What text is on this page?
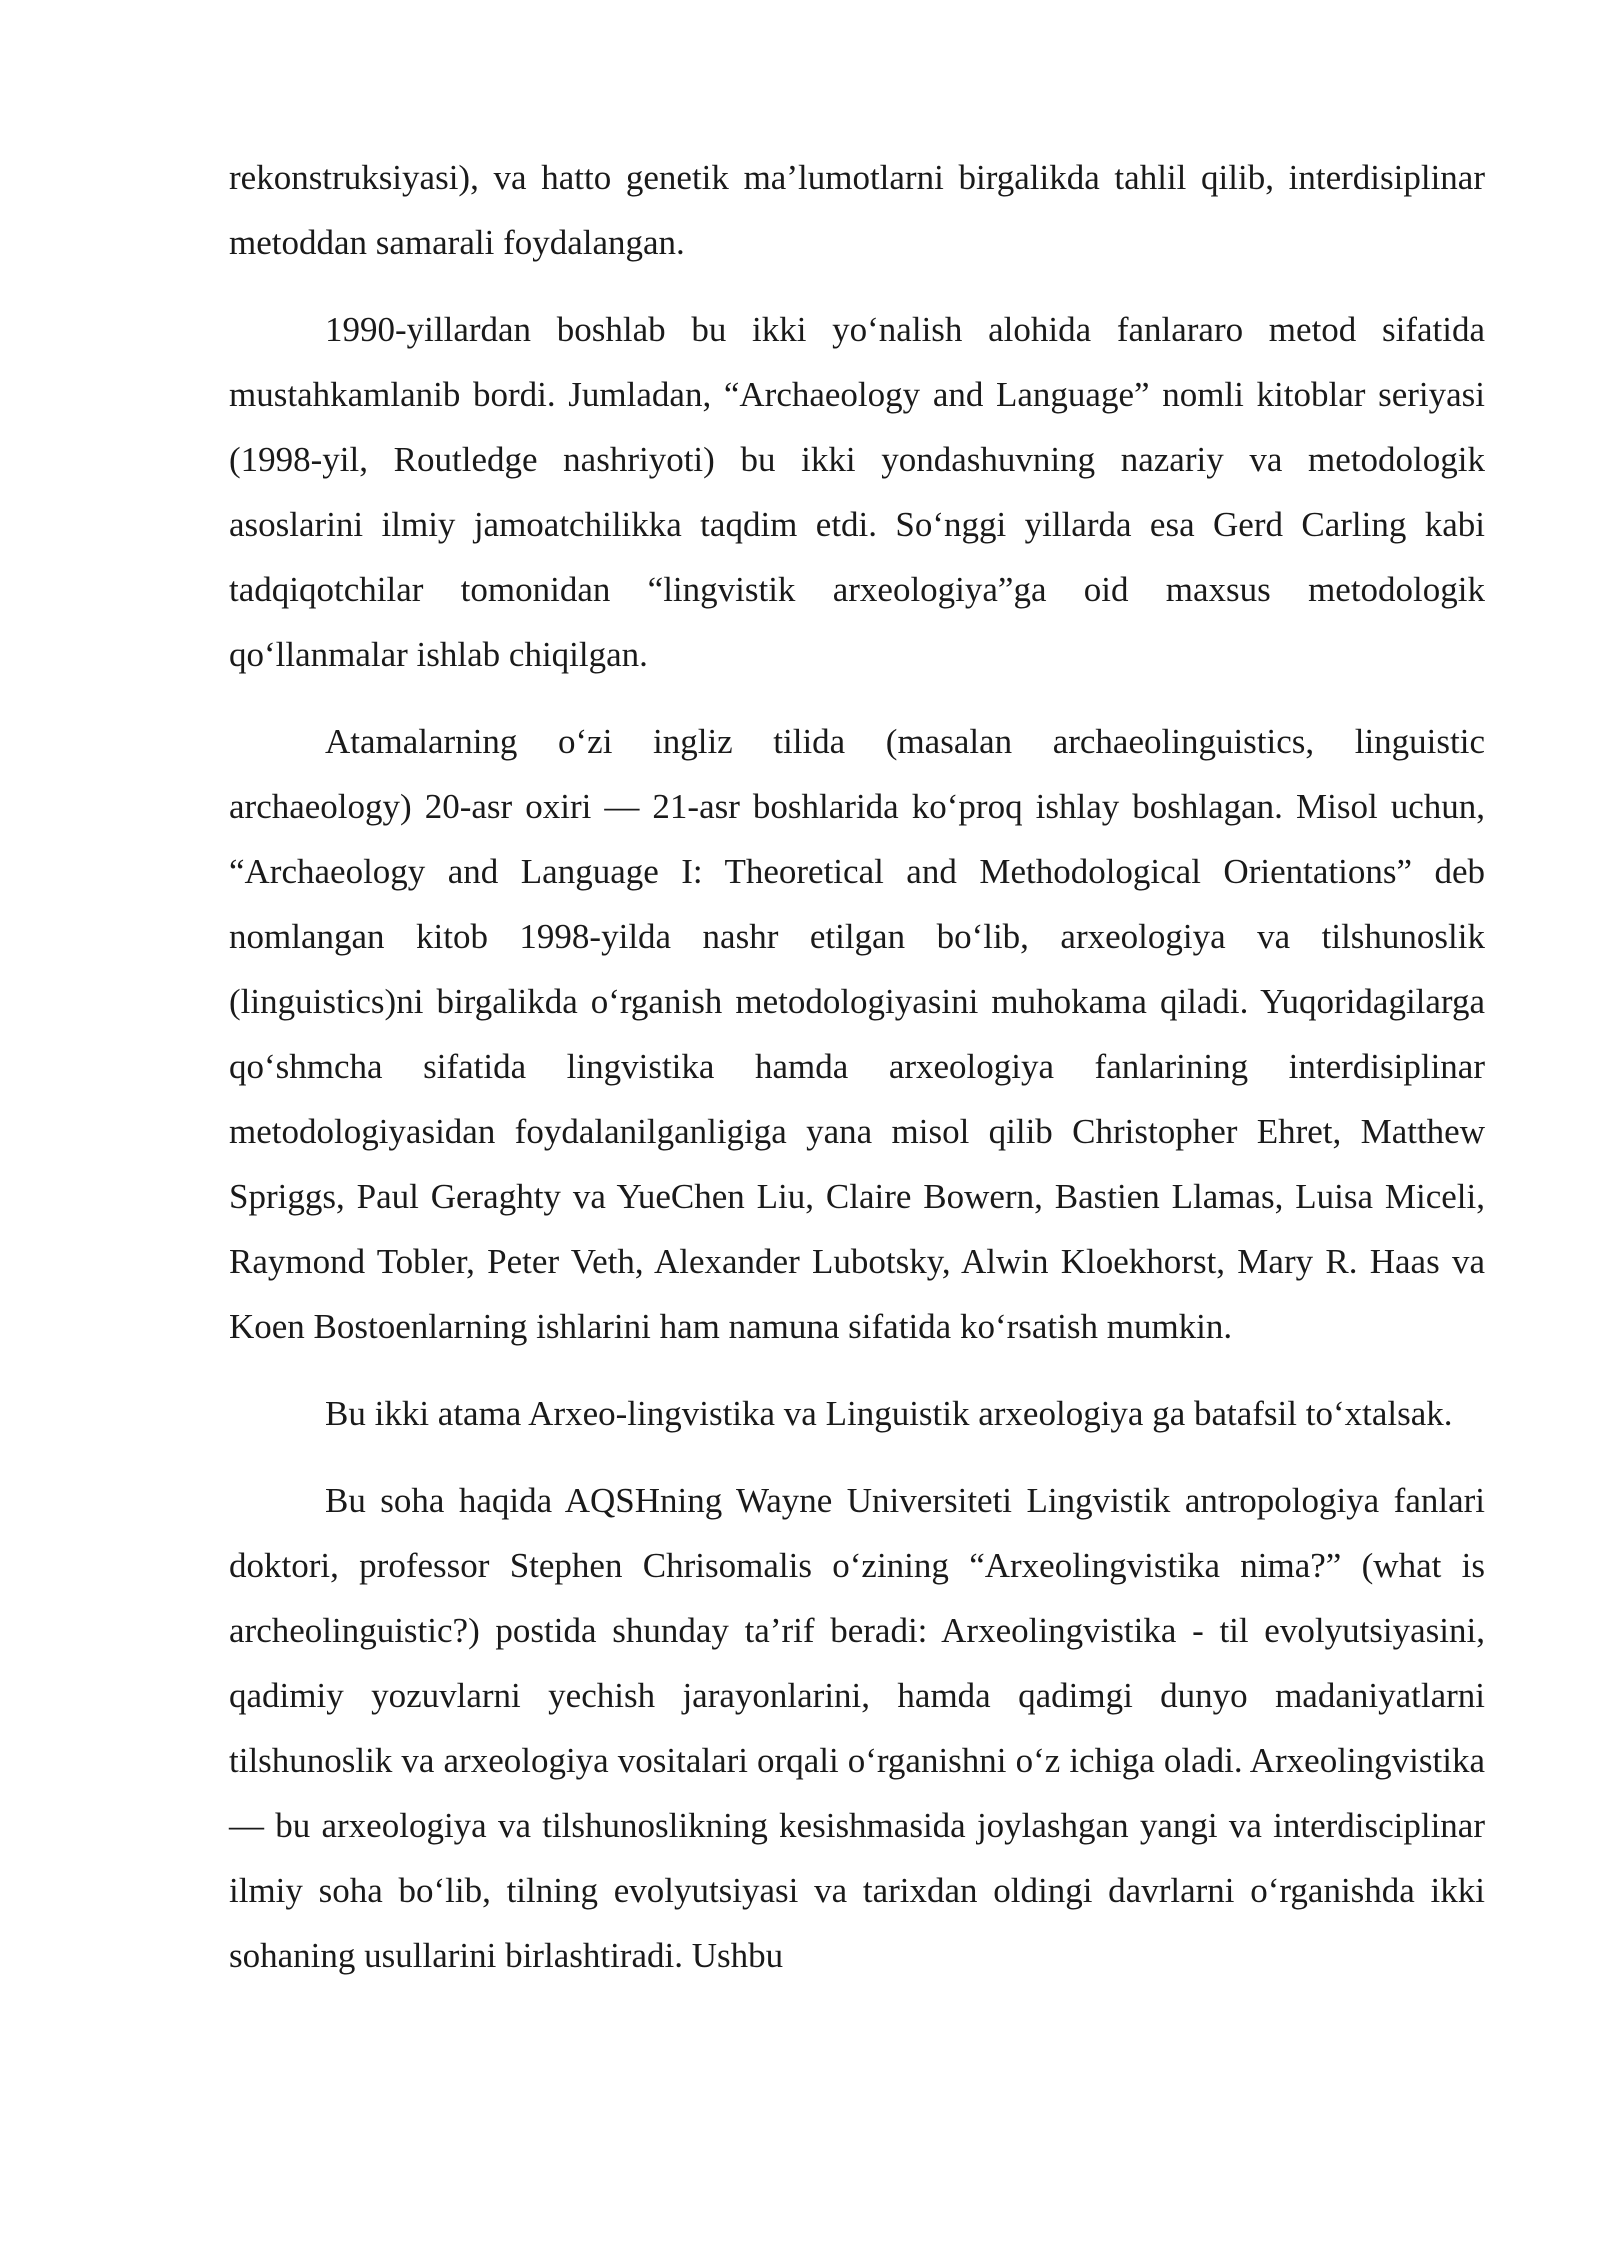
rekonstruksiyasi), va hatto genetik ma’lumotlarni birgalikda tahlil qilib, interdisiplinar metoddan samarali foydalangan.

1990-yillardan boshlab bu ikki yo‘nalish alohida fanlararo metod sifatida mustahkamlanib bordi. Jumladan, “Archaeology and Language” nomli kitoblar seriyasi (1998-yil, Routledge nashriyoti) bu ikki yondashuvning nazariy va metodologik asoslarini ilmiy jamoatchilikka taqdim etdi. So‘nggi yillarda esa Gerd Carling kabi tadqiqotchilar tomonidan “lingvistik arxeologiya”ga oid maxsus metodologik qo‘llanmalar ishlab chiqilgan.

Atamalarning o‘zi ingliz tilida (masalan archaeolinguistics, linguistic archaeology) 20-asr oxiri — 21-asr boshlarida ko‘proq ishlay boshlagan. Misol uchun, “Archaeology and Language I: Theoretical and Methodological Orientations” deb nomlangan kitob 1998-yilda nashr etilgan bo‘lib, arxeologiya va tilshunoslik (linguistics)ni birgalikda o‘rganish metodologiyasini muhokama qiladi. Yuqoridagilarga qo‘shmcha sifatida lingvistika hamda arxeologiya fanlarining interdisiplinar metodologiyasidan foydalanilganligiga yana misol qilib Christopher Ehret, Matthew Spriggs, Paul Geraghty va YueChen Liu, Claire Bowern, Bastien Llamas, Luisa Miceli, Raymond Tobler, Peter Veth, Alexander Lubotsky, Alwin Kloekhorst, Mary R. Haas va Koen Bostoenlarning ishlarini ham namuna sifatida ko‘rsatish mumkin.

Bu ikki atama Arxeo-lingvistika va Linguistik arxeologiya ga batafsil to‘xtalsak.

Bu soha haqida AQSHning Wayne Universiteti Lingvistik antropologiya fanlari doktori, professor Stephen Chrisomalis o‘zining “Arxeolingvistika nima?” (what is archeolinguistic?) postida shunday ta’rif beradi: Arxeolingvistika - til evolyutsiyasini, qadimiy yozuvlarni yechish jarayonlarini, hamda qadimgi dunyo madaniyatlarni tilshunoslik va arxeologiya vositalari orqali o‘rganishni o‘z ichiga oladi. Arxeolingvistika — bu arxeologiya va tilshunoslikning kesishmasida joylashgan yangi va interdisciplinar ilmiy soha bo‘lib, tilning evolyutsiyasi va tarixdan oldingi davrlarni o‘rganishda ikki sohaning usullarini birlashtiradi. Ushbu
